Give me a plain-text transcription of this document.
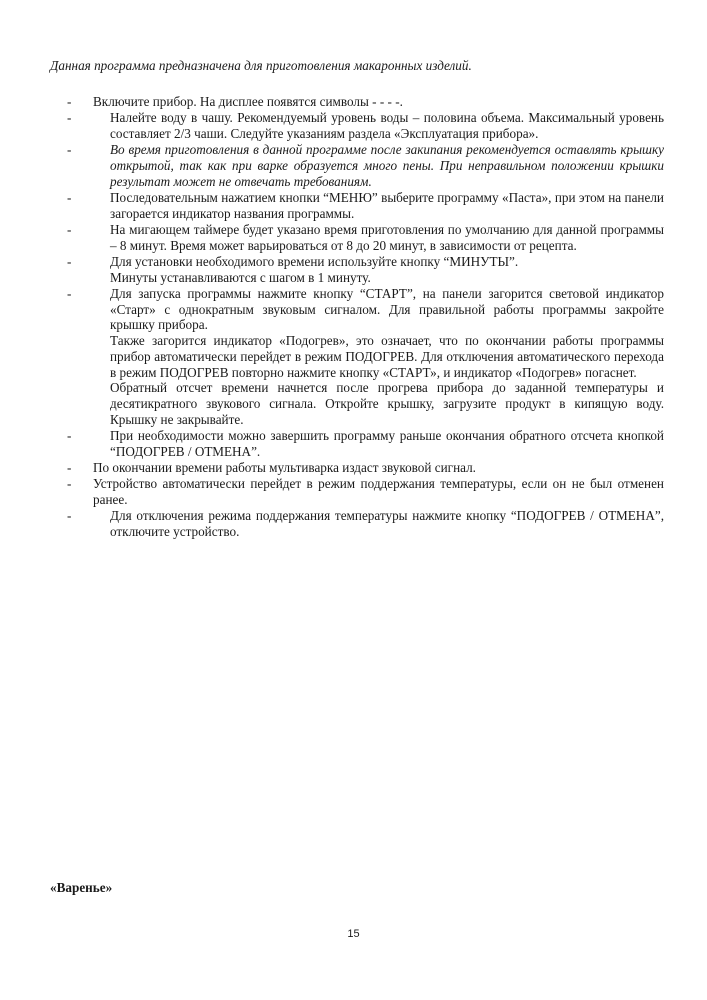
Данная программа предназначена для приготовления макаронных изделий.
- Включите прибор. На дисплее появятся символы - - - -.

-	Налейте воду в чашу. Рекомендуемый уровень воды – половина объема. Максимальный уровень составляет 2/3 чаши. Следуйте указаниям раздела «Эксплуатация прибора».

-	Во время приготовления в данной программе после закипания рекомендуется оставлять крышку открытой, так как при варке образуется много пены. При неправильном положении крышки результат может не отвечать требованиям.

-	Последовательным нажатием кнопки “МЕНЮ” выберите программу «Паста», при этом на панели загорается индикатор названия программы.

-	На мигающем таймере будет указано время приготовления по умолчанию для данной программы – 8 минут. Время может варьироваться от 8 до 20 минут, в зависимости от рецепта.

-	Для установки необходимого времени используйте кнопку “МИНУТЫ”.

Минуты устанавливаются с шагом в 1 минуту.

-	Для запуска программы нажмите кнопку “СТАРТ”, на панели загорится световой индикатор «Старт» с однократным звуковым сигналом. Для правильной работы программы закройте крышку прибора.

Также загорится индикатор «Подогрев», это означает, что по окончании работы программы прибор автоматически перейдет в режим ПОДОГРЕВ. Для отключения автоматического перехода в режим ПОДОГРЕВ повторно нажмите кнопку «СТАРТ», и индикатор «Подогрев» погаснет.

Обратный отсчет времени начнется после прогрева прибора до заданной температуры и десятикратного звукового сигнала. Откройте крышку, загрузите продукт в кипящую воду. Крышку не закрывайте.

-	При необходимости можно завершить программу раньше окончания обратного отсчета кнопкой “ПОДОГРЕВ / ОТМЕНА”.

- По окончании времени работы мультиварка издаст звуковой сигнал.

- Устройство автоматически перейдет в режим поддержания температуры, если он не был отменен ранее.

-	Для отключения режима поддержания температуры нажмите кнопку “ПОДОГРЕВ / ОТМЕНА”, отключите устройство.

«Варенье»
15
